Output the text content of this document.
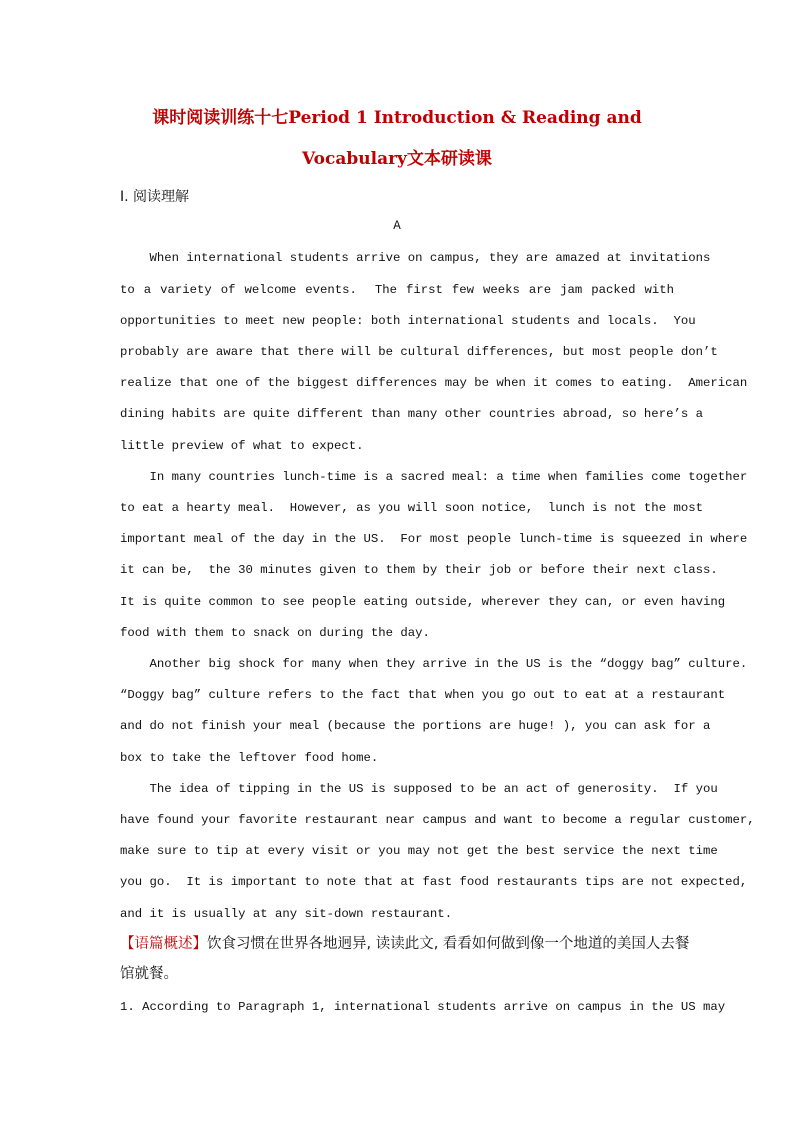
课时阅读训练十七Period 1 Introduction & Reading and
Vocabulary文本研读课
Ⅰ. 阅读理解
A
When international students arrive on campus, they are amazed at invitations
to a variety of welcome events.  The first few weeks are jam packed with
opportunities to meet new people: both international students and locals.  You
probably are aware that there will be cultural differences, but most people don’t
realize that one of the biggest differences may be when it comes to eating.  American
dining habits are quite different than many other countries abroad, so here’s a
little preview of what to expect.
In many countries lunch-time is a sacred meal: a time when families come together
to eat a hearty meal.  However, as you will soon notice,  lunch is not the most
important meal of the day in the US.  For most people lunch-time is squeezed in where
it can be,  the 30 minutes given to them by their job or before their next class.
It is quite common to see people eating outside, wherever they can, or even having
food with them to snack on during the day.
Another big shock for many when they arrive in the US is the “doggy bag” culture.
“Doggy bag” culture refers to the fact that when you go out to eat at a restaurant
and do not finish your meal (because the portions are huge! ), you can ask for a
box to take the leftover food home.
The idea of tipping in the US is supposed to be an act of generosity.  If you
have found your favorite restaurant near campus and want to become a regular customer,
make sure to tip at every visit or you may not get the best service the next time
you go.  It is important to note that at fast food restaurants tips are not expected,
and it is usually at any sit-down restaurant.
【语篇概述】饮食习惯在世界各地迥异, 读读此文, 看看如何做到像一个地道的美国人去餐
馆就餐。
1. According to Paragraph 1, international students arrive on campus in the US may
